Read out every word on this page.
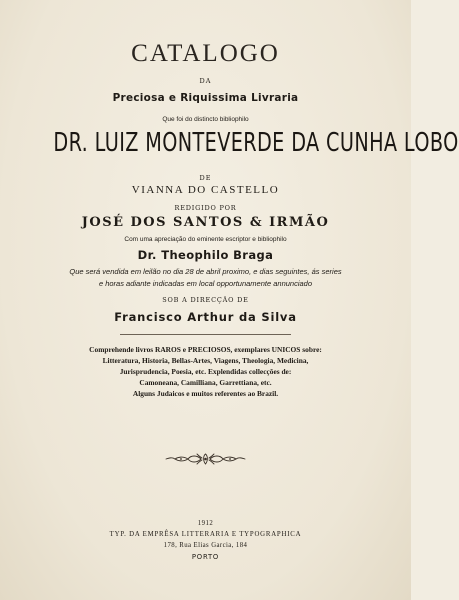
CATALOGO
DA
Preciosa e Riquissima Livraria
Que foi do distincto bibliophilo
DR. LUIZ MONTEVERDE DA CUNHA LOBO
DE
VIANNA DO CASTELLO
REDIGIDO POR
JOSÉ DOS SANTOS & IRMÃO
Com uma apreciação do eminente escriptor e bibliophilo
Dr. Theophilo Braga
Que será vendida em leilão no dia 28 de abril proximo, e dias seguintes, ás series
e horas adiante indicadas em local opportunamente annunciado
SOB A DIRECÇÃO DE
Francisco Arthur da Silva
Comprehende livros RAROS e PRECIOSOS, exemplares UNICOS sobre:
Litteratura, Historia, Bellas-Artes, Viagens, Theologia, Medicina,
Jurisprudencia, Poesia, etc. Explendidas collecções de:
Camoneana, Camilliana, Garrettiana, etc.
Alguns Judaicos e muitos referentes ao Brazil.
1912
TYP. DA EMPRÊSA LITTERARIA E TYPOGRAPHICA
178, Rua Elias Garcia, 184
PORTO
